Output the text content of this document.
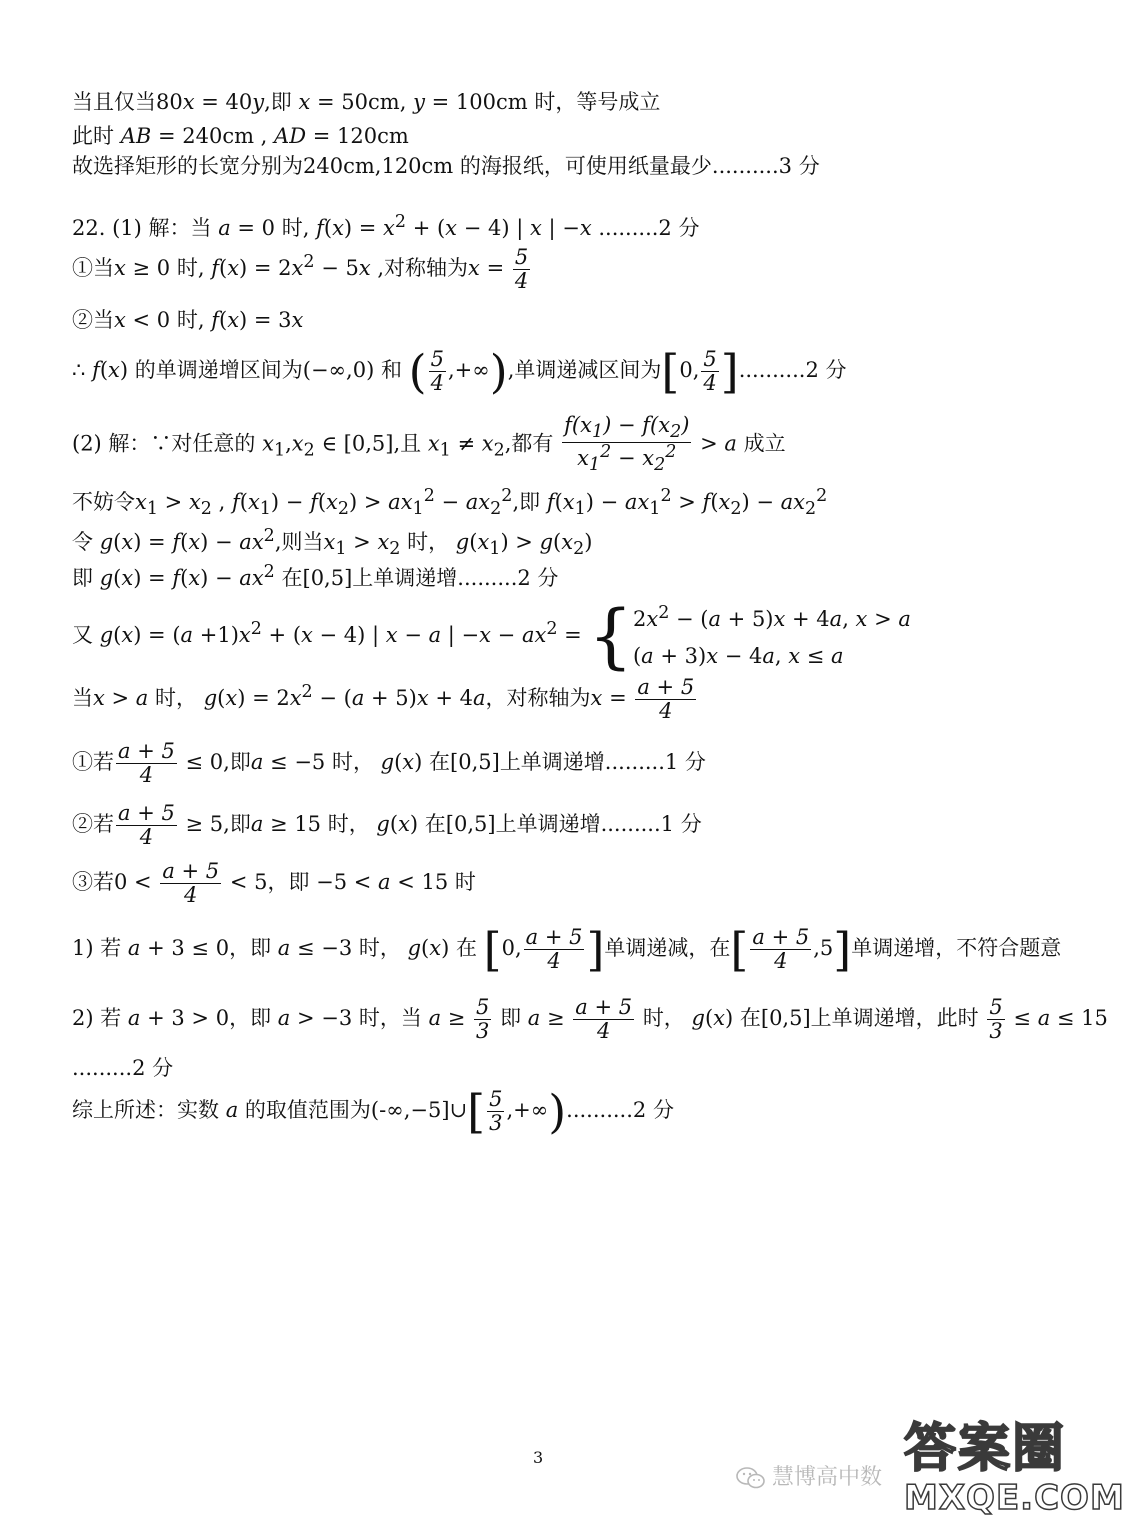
当且仅当80x = 40y,即 x = 50cm, y = 100cm 时，等号成立
此时 AB = 240cm , AD = 120cm
故选择矩形的长宽分别为240cm,120cm 的海报纸，可使用纸量最少..........3 分
22. (1) 解：当 a = 0 时, $f(x) = x^2 + (x - 4)$ | x | −x .........2 分
①当x ≥ 0 时, $f(x) = 2x^2 - 5x$ ,对称轴为$x = \frac{5}{4}$
②当x < 0 时, f(x) = 3x
∴ f(x) 的单调递增区间为(−∞,0) 和 ( $\frac{5}{4}$ ,+∞),单调递减区间为[0, $\frac{5}{4} ]..........2$ 分
(2) 解：∵对任意的 $x_1,x_2$ ∈ [0,5],且 $x_1 \ne x_2$,都有 $\frac{f(x_1) - f(x_2)}{x_1^2 - x_2^2} > a$ 成立
不妨令$x_1 > x_2$ , $f(x_1) - f(x_2) > ax_1^2 - ax_2^2$,即 $f(x_1) - ax_1^2 > f(x_2) - ax_2^2$
令 $g(x) = f(x) - ax^2$,则当$x_1 > x_2$ 时， $g(x_1) > g(x_2)$
即 $g(x) = f(x) - ax^2$ 在[0,5]上单调递增.........2 分
又 $g(x) = (a +1)x^2 + (x - 4)$ | x − a | $-x - ax^2$ = { $2x^2 - (a + 5)x + 4a$, x > a
(a + 3)x − 4a, x ≤ a
当x > a 时， $g(x) = 2x^2 - (a + 5)x + 4a$，对称轴为$x = \frac{a + 5}{4}$
①若 $\frac{a + 5}{4} \le 0$,即a ≤ −5 时， g(x) 在[0,5]上单调递增.........1 分
②若 $\frac{a + 5}{4} \ge 5$,即a ≥ 15 时， g(x) 在[0,5]上单调递增.........1 分
③若$0 < \frac{a + 5}{4} < 5$，即 −5 < a < 15 时
1) 若 a + 3 ≤ 0，即 a ≤ −3 时， g(x) 在 [0, $\frac{a + 5}{4}$ ]单调递减，在[ $\frac{a + 5}{4} ,5$]单调递增，不符合题意
2) 若 a + 3 > 0，即 a > −3 时，当 $a \ge \frac{5}{3}$ 即 $a \ge \frac{a + 5}{4}$ 时， g(x) 在[0,5]上单调递增，此时 $\frac{5}{3} \le a \le 15$
.........2 分
综上所述：实数 a 的取值范围为(-∞,−5]∪[ $\frac{5}{3} ,+\infty)..........2$ 分
3
慧博高中数 答案圈
MXQE.COM
